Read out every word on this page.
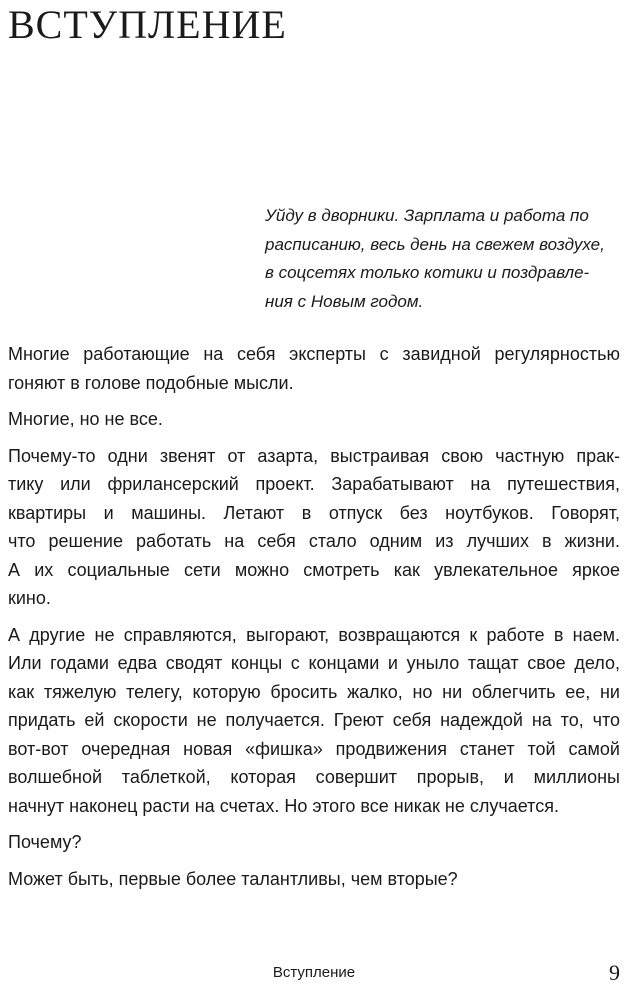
ВСТУПЛЕНИЕ
Уйду в дворники. Зарплата и работа по
расписанию, весь день на свежем воздухе,
в соцсетях только котики и поздравле-
ния с Новым годом.

Многие работающие на себя эксперты с завидной регулярностью
гоняют в голове подобные мысли.

Многие, но не все.

Почему-то одни звенят от азарта, выстраивая свою частную прак-
тику или фрилансерский проект. Зарабатывают на путешествия,
квартиры и машины. Летают в отпуск без ноутбуков. Говорят,
что решение работать на себя стало одним из лучших в жизни.
А их социальные сети можно смотреть как увлекательное яркое
кино.

А другие не справляются, выгорают, возвращаются к работе в наем.
Или годами едва сводят концы с концами и уныло тащат свое дело,
как тяжелую телегу, которую бросить жалко, но ни облегчить ее, ни
придать ей скорости не получается. Греют себя надеждой на то, что
вот-вот очередная новая «фишка» продвижения станет той самой
волшебной таблеткой, которая совершит прорыв, и миллионы
начнут наконец расти на счетах. Но этого все никак не случается.

Почему?

Может быть, первые более талантливы, чем вторые?

Вступление	9
